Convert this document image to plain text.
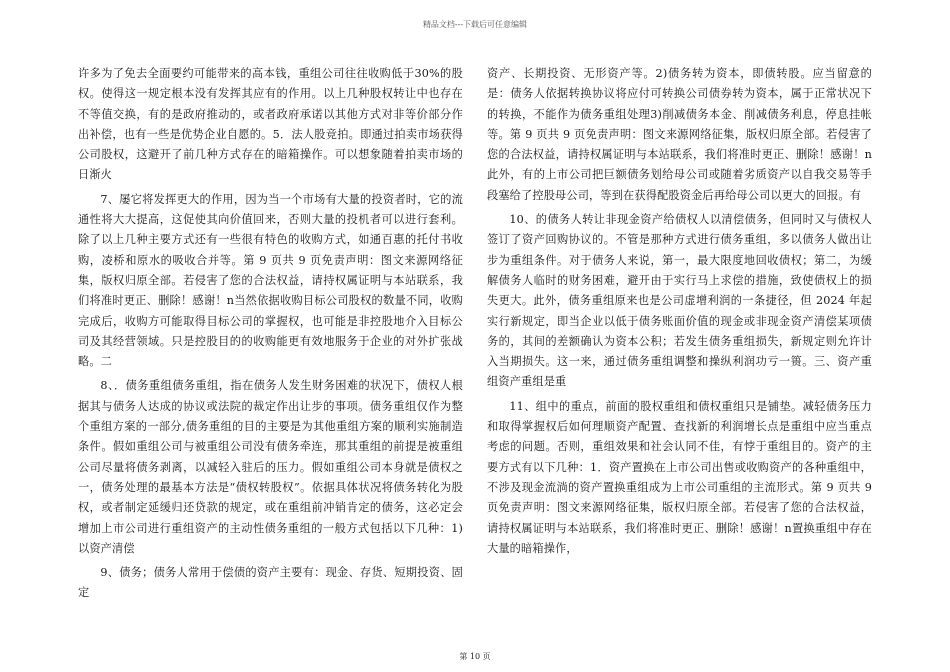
精品文档---下载后可任意编辑

许多为了免去全面要约可能带来的高本钱，重组公司往往收购低于30%的股权。使得这一规定根本没有发挥其应有的作用。以上几种股权转让中也存在不等值交换，有的是政府推动的，或者政府承诺以其他方式对非等价部分作出补偿，也有一些是优势企业自愿的。5．法人股竞拍。即通过拍卖市场获得公司股权，这避开了前几种方式存在的暗箱操作。可以想象随着拍卖市场的日渐火

7、屡它将发挥更大的作用，因为当一个市场有大量的投资者时，它的流通性将大大提高，这促使其向价值回来，否则大量的投机者可以进行套利。除了以上几种主要方式还有一些很有特色的收购方式，如通百惠的托付书收购，凌桥和原水的吸收合并等。第 9 页共 9 页免责声明：图文来源网络征集，版权归原全部。若侵害了您的合法权益，请持权属证明与本站联系，我们将准时更正、删除！感谢！n当然依据收购目标公司股权的数量不同，收购完成后，收购方可能取得目标公司的掌握权，也可能是非控股地介入目标公司及其经营领域。只是控股目的的收购能更有效地服务于企业的对外扩张战略。二

8、．债务重组债务重组，指在债务人发生财务困难的状况下，债权人根据其与债务人达成的协议或法院的裁定作出让步的事项。债务重组仅作为整个重组方案的一部分,债务重组的目的主要是为其他重组方案的顺利实施制造条件。假如重组公司与被重组公司没有债务牵连，那其重组的前提是被重组公司尽量将债务剥离，以减轻入驻后的压力。假如重组公司本身就是债权之一，债务处理的最基本方法是“债权转股权”。依据具体状况将债务转化为股权，或者制定延缓归还贷款的规定，或在重组前冲销肯定的债务，这必定会增加上市公司进行重组资产的主动性债务重组的一般方式包括以下几种：1)以资产清偿

9、债务；债务人常用于偿债的资产主要有：现金、存货、短期投资、固定

资产、长期投资、无形资产等。2)债务转为资本，即债转股。应当留意的是：债务人依据转换协议将应付可转换公司债券转为资本，属于正常状况下的转换，不能作为债务重组处理3)削减债务本金、削减债务利息，停息挂帐等。第 9 页共 9 页免责声明：图文来源网络征集，版权归原全部。若侵害了您的合法权益，请持权属证明与本站联系，我们将准时更正、删除！感谢！n此外，有的上市公司把巨额债务划给母公司或随着劣质资产以自我交易等手段塞给了控股母公司，等到在获得配股资金后再给母公司以更大的回报。有

10、的债务人转让非现金资产给债权人以清偿债务，但同时又与债权人签订了资产回购协议的。不管是那种方式进行债务重组，多以债务人做出让步为重组条件。对于债务人来说，第一，最大限度地回收债权；第二，为缓解债务人临时的财务困难，避开由于实行马上求偿的措施，致使债权上的损失更大。此外，债务重组原来也是公司虚增利润的一条捷径，但 2024 年起实行新规定，即当企业以低于债务账面价值的现金或非现金资产清偿某项债务的，其间的差额确认为资本公积；若发生债务重组损失，新规定则允许计入当期损失。这一来，通过债务重组调整和操纵利润功亏一篑。三、资产重组资产重组是重

11、组中的重点，前面的股权重组和债权重组只是铺垫。减轻债务压力和取得掌握权后如何理顺资产配置、查找新的利润增长点是重组中应当重点考虑的问题。否则，重组效果和社会认同不佳，有悖于重组目的。资产的主要方式有以下几种：1．资产置换在上市公司出售或收购资产的各种重组中，不涉及现金流淌的资产置换重组成为上市公司重组的主流形式。第 9 页共 9 页免责声明：图文来源网络征集，版权归原全部。若侵害了您的合法权益，请持权属证明与本站联系，我们将准时更正、删除！感谢！n置换重组中存在大量的暗箱操作，

第 10 页
